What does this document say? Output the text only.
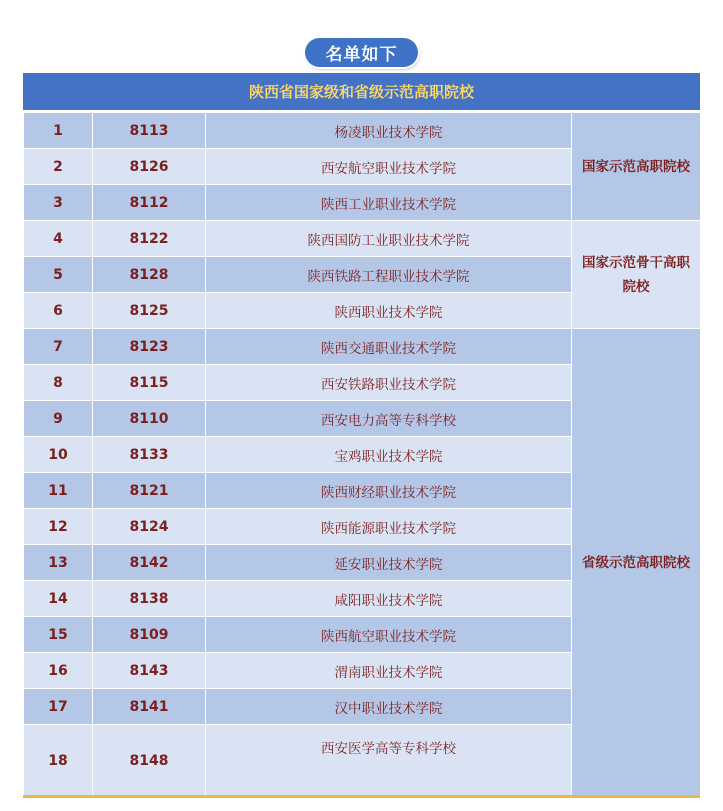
名单如下
陕西省国家级和省级示范高职院校
1	8113	杨凌职业技术学院	国家示范高职院校
2	8126	西安航空职业技术学院	
3	8112	陕西工业职业技术学院	
4	8122	陕西国防工业职业技术学院	国家示范骨干高职院校
5	8128	陕西铁路工程职业技术学院	
6	8125	陕西职业技术学院	
7	8123	陕西交通职业技术学院	省级示范高职院校
8	8115	西安铁路职业技术学院	
9	8110	西安电力高等专科学校	
10	8133	宝鸡职业技术学院	
11	8121	陕西财经职业技术学院	
12	8124	陕西能源职业技术学院	
13	8142	延安职业技术学院	
14	8138	咸阳职业技术学院	
15	8109	陕西航空职业技术学院	
16	8143	渭南职业技术学院	
17	8141	汉中职业技术学院	
18	8148	西安医学高等专科学校	
